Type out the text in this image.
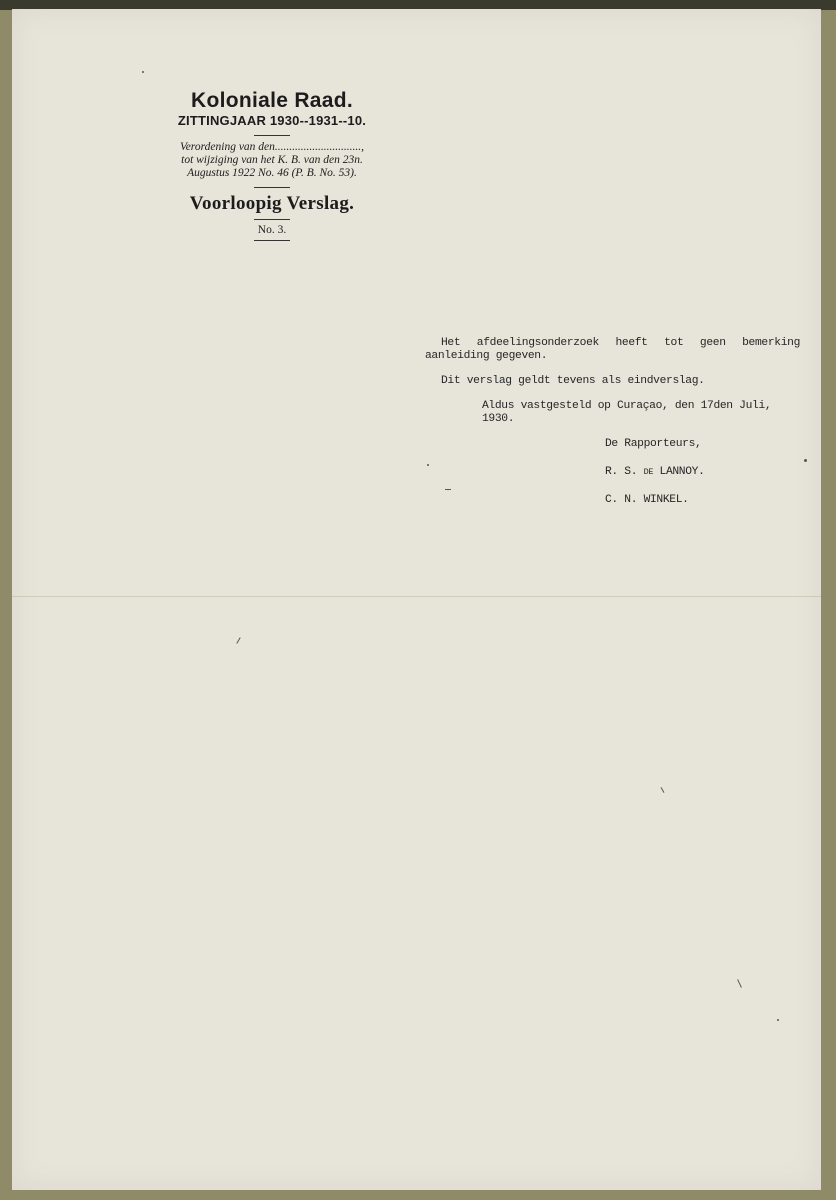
Koloniale Raad.
ZITTINGJAAR 1930--1931--10.
Verordening van den..............................,
tot wijziging van het K. B. van den 23n.
Augustus 1922 No. 46 (P. B. No. 53).
Voorloopig Verslag.
No. 3.

Het afdeelingsonderzoek heeft tot geen bemerking aanleiding gegeven.

Dit verslag geldt tevens als eindverslag.

Aldus vastgesteld op Curaçao, den 17den Juli, 1930.

De Rapporteurs,

R. S. DE LANNOY.

C. N. WINKEL.
